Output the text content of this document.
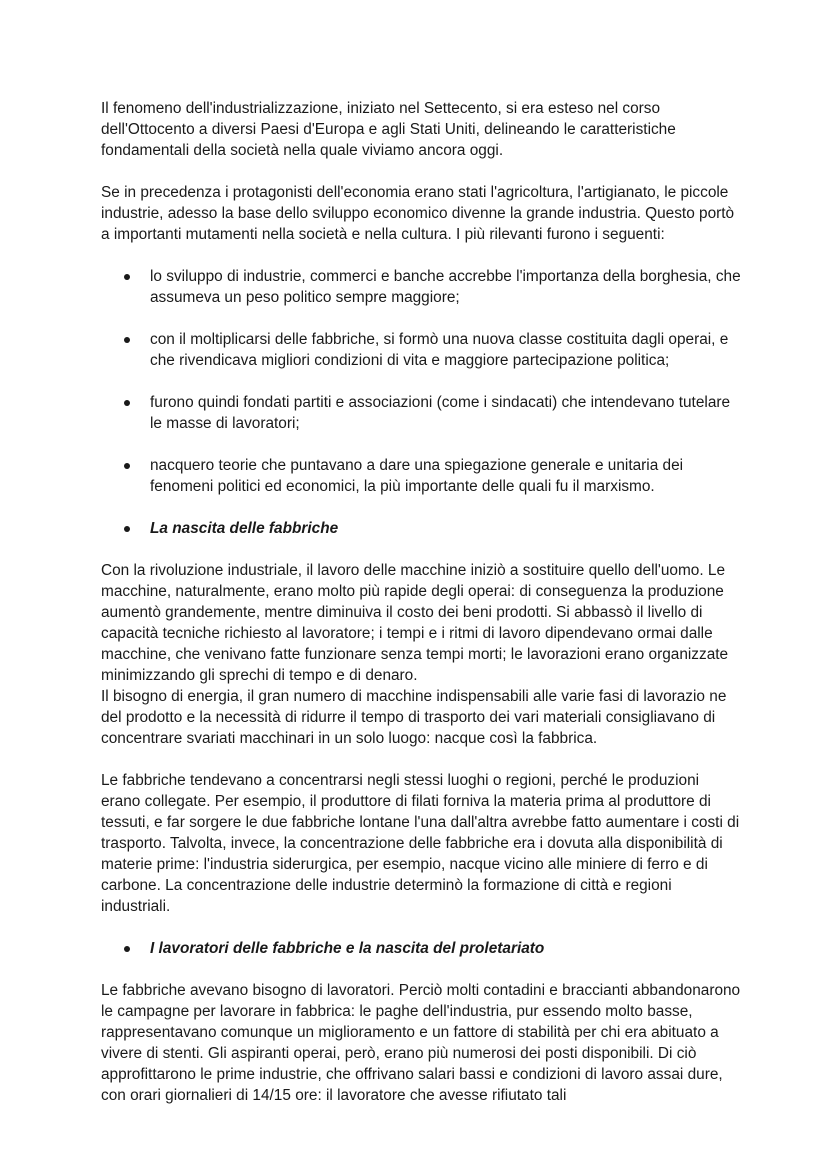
Il fenomeno dell'industrializzazione, iniziato nel Settecento, si era esteso nel corso dell'Ottocento a diversi Paesi d'Europa e agli Stati Uniti, delineando le caratteristiche fondamentali della società nella quale viviamo ancora oggi.

Se in precedenza i protagonisti dell'economia erano stati l'agricoltura, l'artigianato, le piccole industrie, adesso la base dello sviluppo economico divenne la grande industria. Questo portò a importanti mutamenti nella società e nella cultura. I più rilevanti furono i seguenti:

lo sviluppo di industrie, commerci e banche accrebbe l'importanza della borghesia, che assumeva un peso politico sempre maggiore;
con il moltiplicarsi delle fabbriche, si formò una nuova classe costituita dagli operai, e che rivendicava migliori condizioni di vita e maggiore partecipazione politica;
furono quindi fondati partiti e associazioni (come i sindacati) che intendevano tutelare le masse di lavoratori;
nacquero teorie che puntavano a dare una spiegazione generale e unitaria dei fenomeni politici ed economici, la più importante delle quali fu il marxismo.
La nascita delle fabbriche

Con la rivoluzione industriale, il lavoro delle macchine iniziò a sostituire quello dell'uomo. Le macchine, naturalmente, erano molto più rapide degli operai: di conseguenza la produzione aumentò grandemente, mentre diminuiva il costo dei beni prodotti. Si abbassò il livello di capacità tecniche richiesto al lavoratore; i tempi e i ritmi di lavoro dipendevano ormai dalle macchine, che venivano fatte funzionare senza tempi morti; le lavorazioni erano organizzate minimizzando gli sprechi di tempo e di denaro.

Il bisogno di energia, il gran numero di macchine indispensabili alle varie fasi di lavorazio ne del prodotto e la necessità di ridurre il tempo di trasporto dei vari materiali consigliavano di concentrare svariati macchinari in un solo luogo: nacque così la fabbrica.

Le fabbriche tendevano a concentrarsi negli stessi luoghi o regioni, perché le produzioni erano collegate. Per esempio, il produttore di filati forniva la materia prima al produttore di tessuti, e far sorgere le due fabbriche lontane l'una dall'altra avrebbe fatto aumentare i costi di trasporto. Talvolta, invece, la concentrazione delle fabbriche era i dovuta alla disponibilità di materie prime: l'industria siderurgica, per esempio, nacque vicino alle miniere di ferro e di carbone. La concentrazione delle industrie determinò la formazione di città e regioni industriali.

I lavoratori delle fabbriche e la nascita del proletariato

Le fabbriche avevano bisogno di lavoratori. Perciò molti contadini e braccianti abbandonarono le campagne per lavorare in fabbrica: le paghe dell'industria, pur essendo molto basse, rappresentavano comunque un miglioramento e un fattore di stabilità per chi era abituato a vivere di stenti. Gli aspiranti operai, però, erano più numerosi dei posti disponibili. Di ciò approfittarono le prime industrie, che offrivano salari bassi e condizioni di lavoro assai dure, con orari giornalieri di 14/15 ore: il lavoratore che avesse rifiutato tali
